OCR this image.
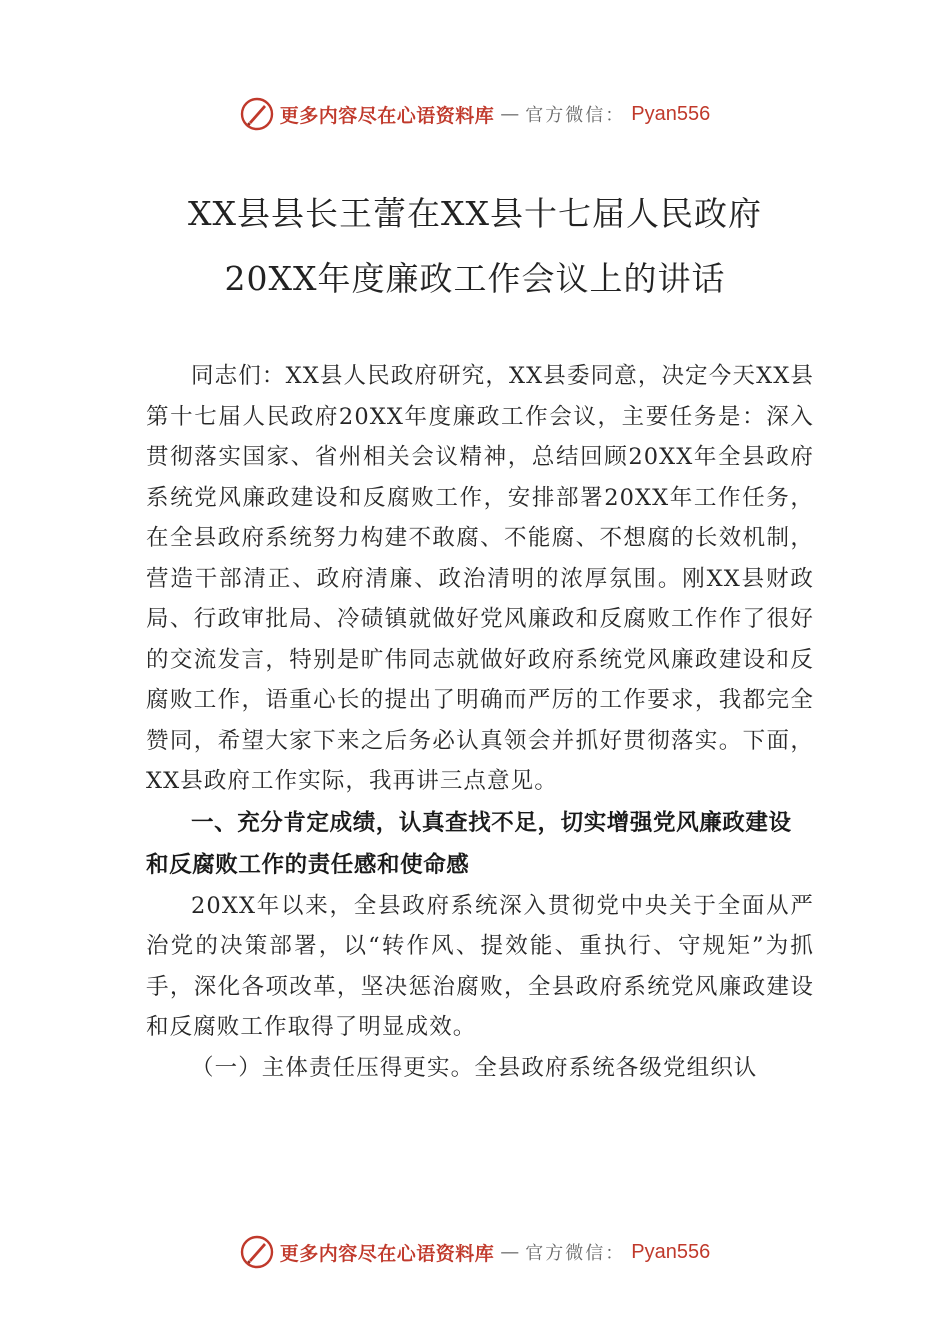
更多内容尽在心语资料库 — 官方微信： Pyan556
XX县县长王蕾在XX县十七届人民政府
20XX年度廉政工作会议上的讲话

同志们：XX县人民政府研究，XX县委同意，决定今天XX县第十七届人民政府20XX年度廉政工作会议，主要任务是：深入贯彻落实国家、省州相关会议精神，总结回顾20XX年全县政府系统党风廉政建设和反腐败工作，安排部署20XX年工作任务，在全县政府系统努力构建不敢腐、不能腐、不想腐的长效机制，营造干部清正、政府清廉、政治清明的浓厚氛围。刚XX县财政局、行政审批局、冷碛镇就做好党风廉政和反腐败工作作了很好的交流发言，特别是旷伟同志就做好政府系统党风廉政建设和反腐败工作，语重心长的提出了明确而严厉的工作要求，我都完全赞同，希望大家下来之后务必认真领会并抓好贯彻落实。下面，XX县政府工作实际，我再讲三点意见。

一、充分肯定成绩，认真查找不足，切实增强党风廉政建设和反腐败工作的责任感和使命感

20XX年以来，全县政府系统深入贯彻党中央关于全面从严治党的决策部署，以“转作风、提效能、重执行、守规矩”为抓手，深化各项改革，坚决惩治腐败，全县政府系统党风廉政建设和反腐败工作取得了明显成效。

（一）主体责任压得更实。全县政府系统各级党组织认

更多内容尽在心语资料库 — 官方微信： Pyan556
